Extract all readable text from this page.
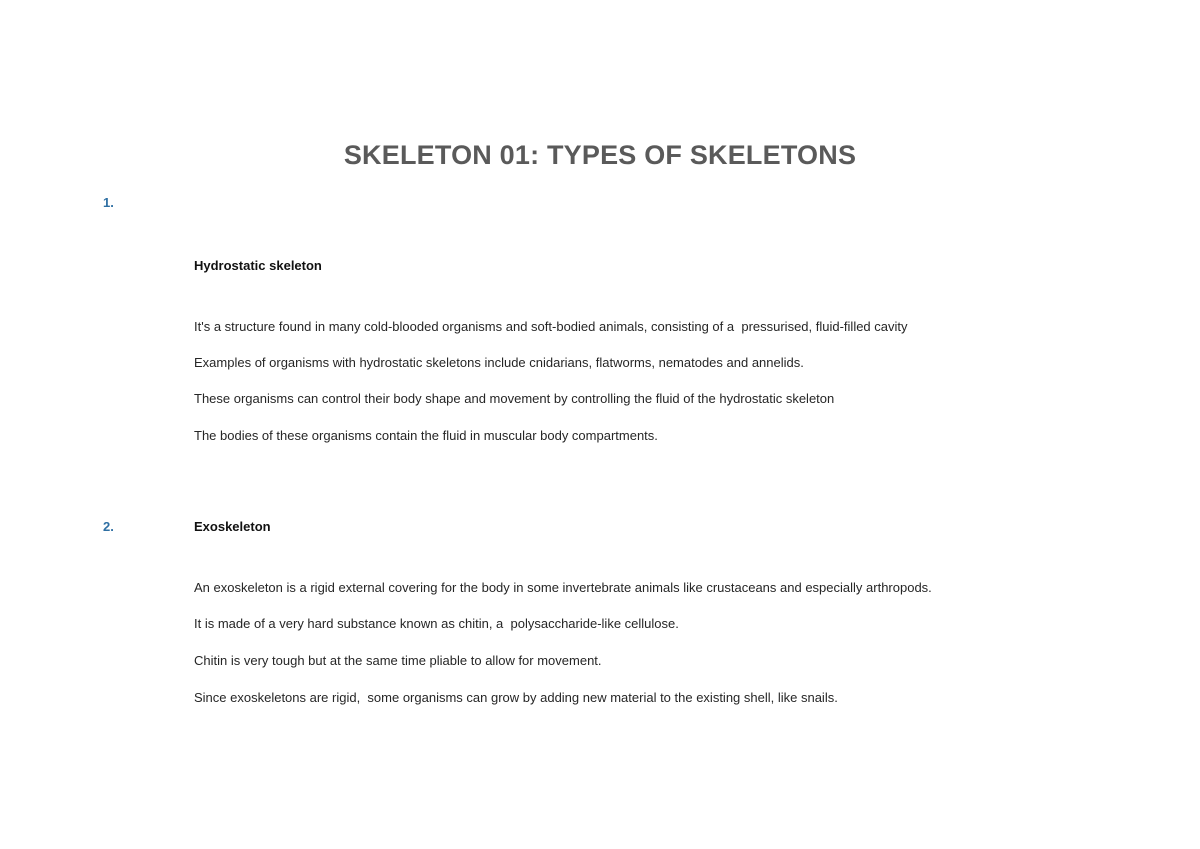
SKELETON 01: TYPES OF SKELETONS
1.
Hydrostatic skeleton
It's a structure found in many cold-blooded organisms and soft-bodied animals, consisting of a  pressurised, fluid-filled cavity
Examples of organisms with hydrostatic skeletons include cnidarians, flatworms, nematodes and annelids.
These organisms can control their body shape and movement by controlling the fluid of the hydrostatic skeleton
The bodies of these organisms contain the fluid in muscular body compartments.
2.	Exoskeleton
An exoskeleton is a rigid external covering for the body in some invertebrate animals like crustaceans and especially arthropods.
It is made of a very hard substance known as chitin, a  polysaccharide-like cellulose.
Chitin is very tough but at the same time pliable to allow for movement.
Since exoskeletons are rigid,  some organisms can grow by adding new material to the existing shell, like snails.
